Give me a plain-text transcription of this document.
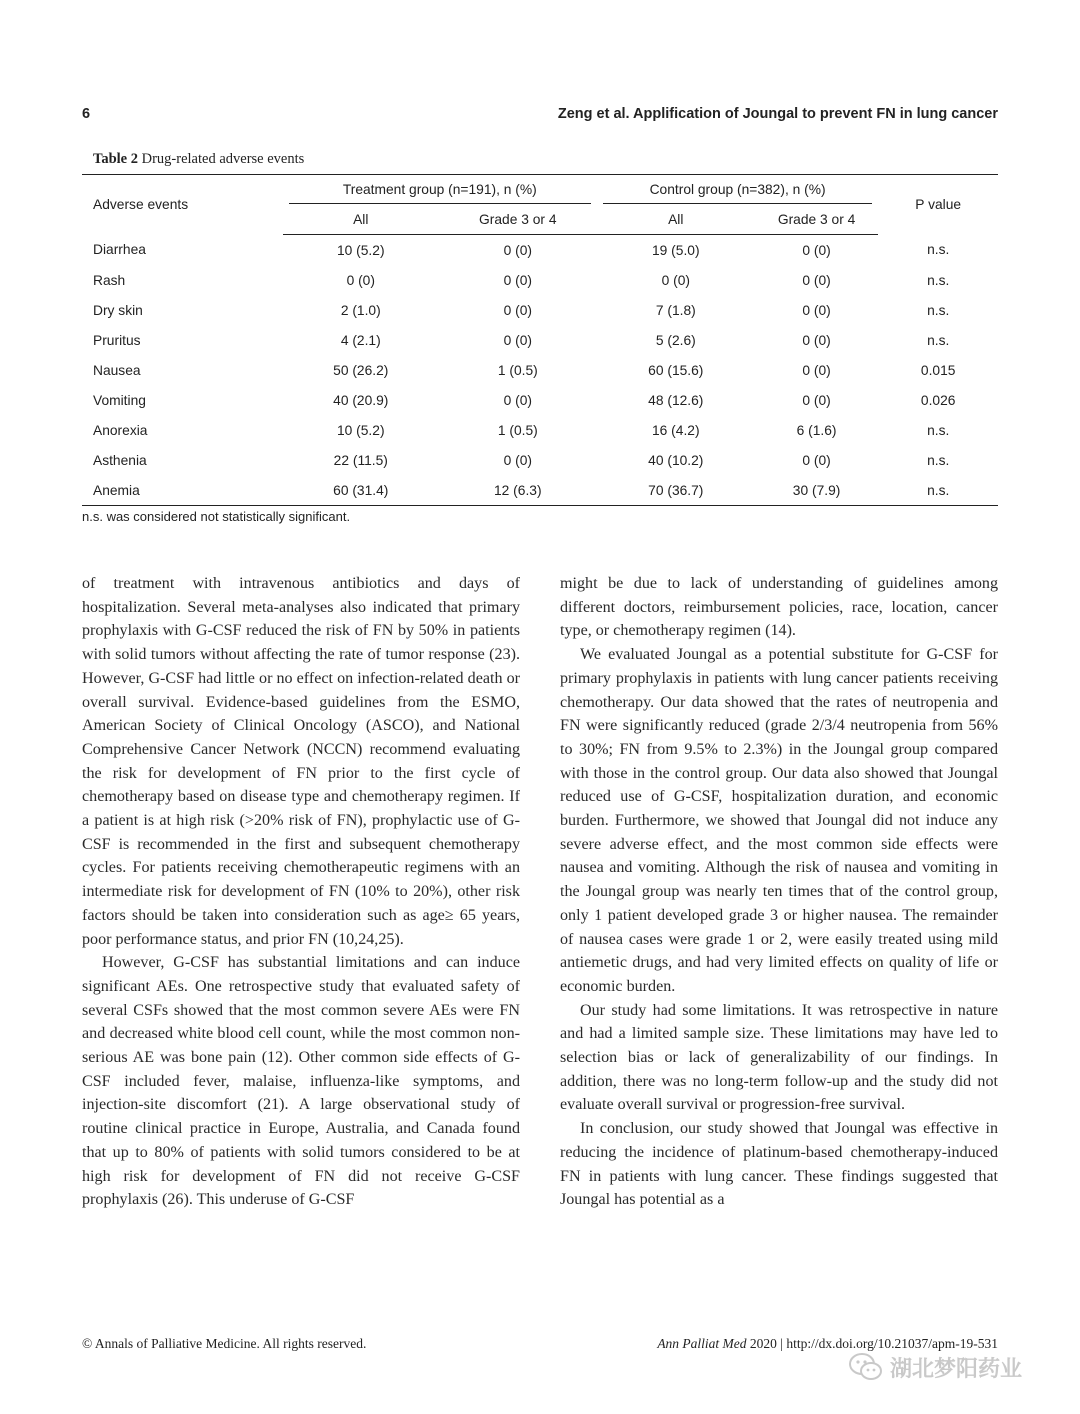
6	Zeng et al. Applification of Joungal to prevent FN in lung cancer
Table 2 Drug-related adverse events
Adverse events	Treatment group (n=191), n (%)		Control group (n=382), n (%)		P value
	All	Grade 3 or 4	All	Grade 3 or 4	
Diarrhea	10 (5.2)	0 (0)	19 (5.0)	0 (0)	n.s.
Rash	0 (0)	0 (0)	0 (0)	0 (0)	n.s.
Dry skin	2 (1.0)	0 (0)	7 (1.8)	0 (0)	n.s.
Pruritus	4 (2.1)	0 (0)	5 (2.6)	0 (0)	n.s.
Nausea	50 (26.2)	1 (0.5)	60 (15.6)	0 (0)	0.015
Vomiting	40 (20.9)	0 (0)	48 (12.6)	0 (0)	0.026
Anorexia	10 (5.2)	1 (0.5)	16 (4.2)	6 (1.6)	n.s.
Asthenia	22 (11.5)	0 (0)	40 (10.2)	0 (0)	n.s.
Anemia	60 (31.4)	12 (6.3)	70 (36.7)	30 (7.9)	n.s.
n.s. was considered not statistically significant.

of treatment with intravenous antibiotics and days of hospitalization. Several meta-analyses also indicated that primary prophylaxis with G-CSF reduced the risk of FN by 50% in patients with solid tumors without affecting the rate of tumor response (23). However, G-CSF had little or no effect on infection-related death or overall survival. Evidence-based guidelines from the ESMO, American Society of Clinical Oncology (ASCO), and National Comprehensive Cancer Network (NCCN) recommend evaluating the risk for development of FN prior to the first cycle of chemotherapy based on disease type and chemotherapy regimen. If a patient is at high risk (>20% risk of FN), prophylactic use of G-CSF is recommended in the first and subsequent chemotherapy cycles. For patients receiving chemotherapeutic regimens with an intermediate risk for development of FN (10% to 20%), other risk factors should be taken into consideration such as age≥ 65 years, poor performance status, and prior FN (10,24,25).

However, G-CSF has substantial limitations and can induce significant AEs. One retrospective study that evaluated safety of several CSFs showed that the most common severe AEs were FN and decreased white blood cell count, while the most common non-serious AE was bone pain (12). Other common side effects of G-CSF included fever, malaise, influenza-like symptoms, and injection-site discomfort (21). A large observational study of routine clinical practice in Europe, Australia, and Canada found that up to 80% of patients with solid tumors considered to be at high risk for development of FN did not receive G-CSF prophylaxis (26). This underuse of G-CSF

might be due to lack of understanding of guidelines among different doctors, reimbursement policies, race, location, cancer type, or chemotherapy regimen (14).

We evaluated Joungal as a potential substitute for G-CSF for primary prophylaxis in patients with lung cancer patients receiving chemotherapy. Our data showed that the rates of neutropenia and FN were significantly reduced (grade 2/3/4 neutropenia from 56% to 30%; FN from 9.5% to 2.3%) in the Joungal group compared with those in the control group. Our data also showed that Joungal reduced use of G-CSF, hospitalization duration, and economic burden. Furthermore, we showed that Joungal did not induce any severe adverse effect, and the most common side effects were nausea and vomiting. Although the risk of nausea and vomiting in the Joungal group was nearly ten times that of the control group, only 1 patient developed grade 3 or higher nausea. The remainder of nausea cases were grade 1 or 2, were easily treated using mild antiemetic drugs, and had very limited effects on quality of life or economic burden.

Our study had some limitations. It was retrospective in nature and had a limited sample size. These limitations may have led to selection bias or lack of generalizability of our findings. In addition, there was no long-term follow-up and the study did not evaluate overall survival or progression-free survival.

In conclusion, our study showed that Joungal was effective in reducing the incidence of platinum-based chemotherapy-induced FN in patients with lung cancer. These findings suggested that Joungal has potential as a

© Annals of Palliative Medicine. All rights reserved.	Ann Palliat Med 2020 | http://dx.doi.org/10.21037/apm-19-531
湖北梦阳药业
